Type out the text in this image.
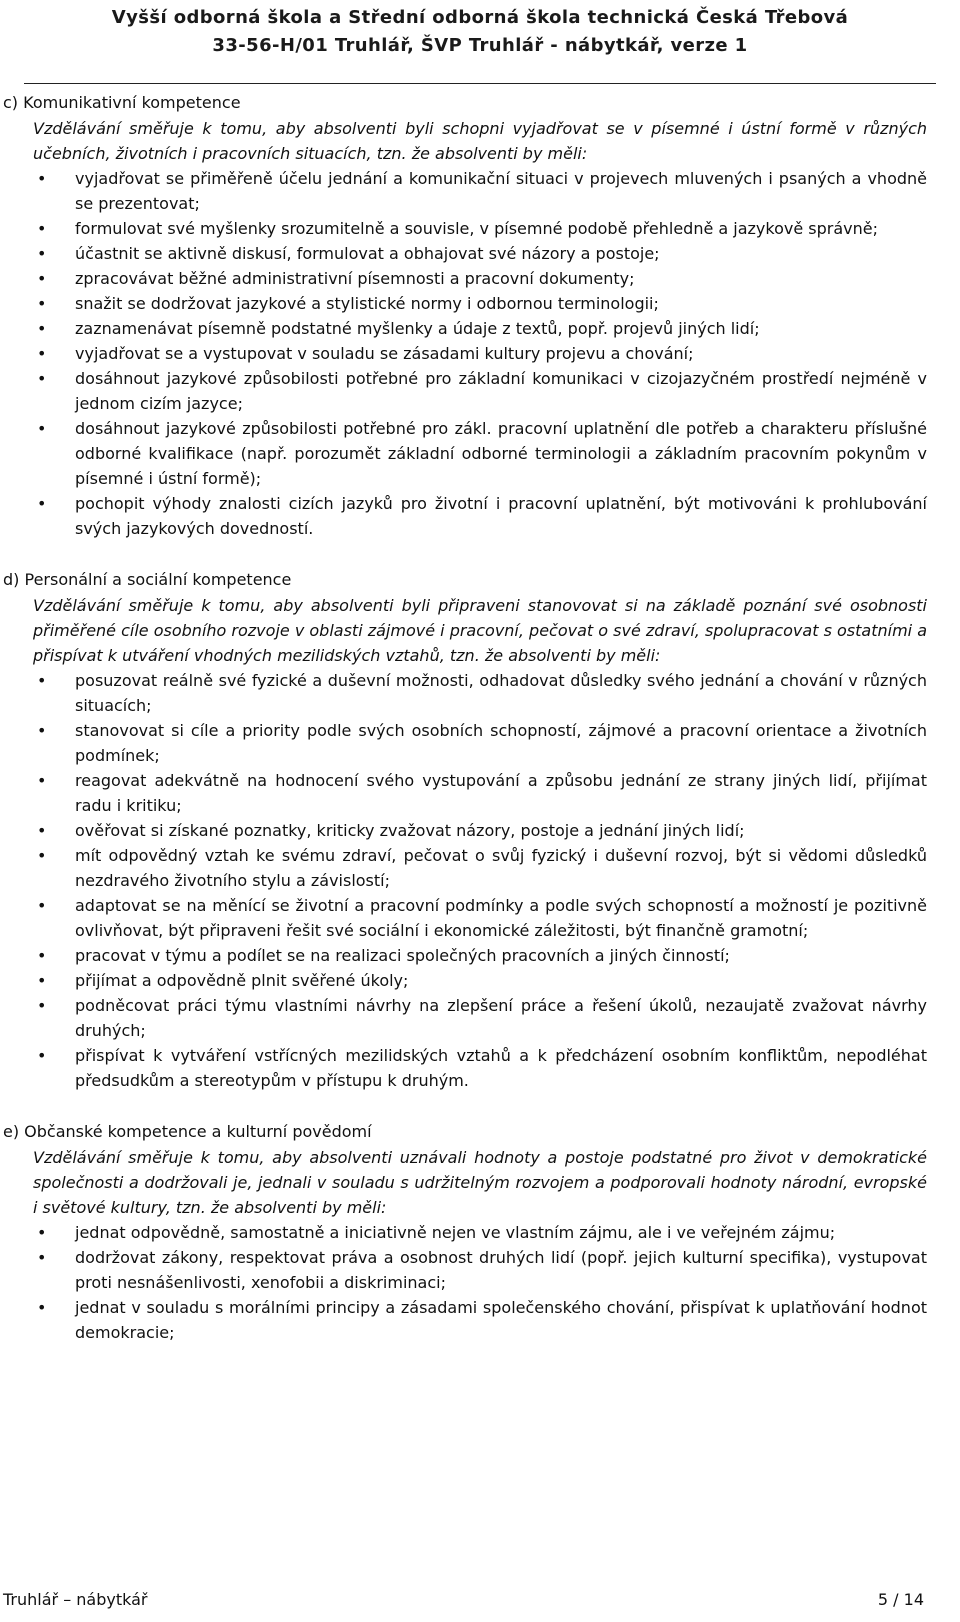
Vyšší odborná škola a Střední odborná škola technická Česká Třebová
33-56-H/01 Truhlář, ŠVP Truhlář - nábytkář, verze 1
c) Komunikativní kompetence

Vzdělávání směřuje k tomu, aby absolventi byli schopni vyjadřovat se v písemné i ústní formě v různých učebních, životních i pracovních situacích, tzn. že absolventi by měli:

• vyjadřovat se přiměřeně účelu jednání a komunikační situaci v projevech mluvených i psaných a vhodně se prezentovat;
• formulovat své myšlenky srozumitelně a souvisle, v písemné podobě přehledně a jazykově správně;
• účastnit se aktivně diskusí, formulovat a obhajovat své názory a postoje;
• zpracovávat běžné administrativní písemnosti a pracovní dokumenty;
• snažit se dodržovat jazykové a stylistické normy i odbornou terminologii;
• zaznamenávat písemně podstatné myšlenky a údaje z textů, popř. projevů jiných lidí;
• vyjadřovat se a vystupovat v souladu se zásadami kultury projevu a chování;
• dosáhnout jazykové způsobilosti potřebné pro základní komunikaci v cizojazyčném prostředí nejméně v jednom cizím jazyce;
• dosáhnout jazykové způsobilosti potřebné pro zákl. pracovní uplatnění dle potřeb a charakteru příslušné odborné kvalifikace (např. porozumět základní odborné terminologii a základním pracovním pokynům v písemné i ústní formě);
• pochopit výhody znalosti cizích jazyků pro životní i pracovní uplatnění, být motivováni k prohlubování svých jazykových dovedností.
d) Personální a sociální kompetence

Vzdělávání směřuje k tomu, aby absolventi byli připraveni stanovovat si na základě poznání své osobnosti přiměřené cíle osobního rozvoje v oblasti zájmové i pracovní, pečovat o své zdraví, spolupracovat s ostatními a přispívat k utváření vhodných mezilidských vztahů, tzn. že absolventi by měli:

• posuzovat reálně své fyzické a duševní možnosti, odhadovat důsledky svého jednání a chování v různých situacích;
• stanovovat si cíle a priority podle svých osobních schopností, zájmové a pracovní orientace a životních podmínek;
• reagovat adekvátně na hodnocení svého vystupování a způsobu jednání ze strany jiných lidí, přijímat radu i kritiku;
• ověřovat si získané poznatky, kriticky zvažovat názory, postoje a jednání jiných lidí;
• mít odpovědný vztah ke svému zdraví, pečovat o svůj fyzický i duševní rozvoj, být si vědomi důsledků nezdravého životního stylu a závislostí;
• adaptovat se na měnící se životní a pracovní podmínky a podle svých schopností a možností je pozitivně ovlivňovat, být připraveni řešit své sociální i ekonomické záležitosti, být finančně gramotní;
• pracovat v týmu a podílet se na realizaci společných pracovních a jiných činností;
• přijímat a odpovědně plnit svěřené úkoly;
• podněcovat práci týmu vlastními návrhy na zlepšení práce a řešení úkolů, nezaujatě zvažovat návrhy druhých;
• přispívat k vytváření vstřícných mezilidských vztahů a k předcházení osobním konfliktům, nepodléhat předsudkům a stereotypům v přístupu k druhým.
e) Občanské kompetence a kulturní povědomí

Vzdělávání směřuje k tomu, aby absolventi uznávali hodnoty a postoje podstatné pro život v demokratické společnosti a dodržovali je, jednali v souladu s udržitelným rozvojem a podporovali hodnoty národní, evropské i světové kultury, tzn. že absolventi by měli:

• jednat odpovědně, samostatně a iniciativně nejen ve vlastním zájmu, ale i ve veřejném zájmu;
• dodržovat zákony, respektovat práva a osobnost druhých lidí (popř. jejich kulturní specifika), vystupovat proti nesnášenlivosti, xenofobii a diskriminaci;
• jednat v souladu s morálními principy a zásadami společenského chování, přispívat k uplatňování hodnot demokracie;
Truhlář – nábytkář	5 / 14
